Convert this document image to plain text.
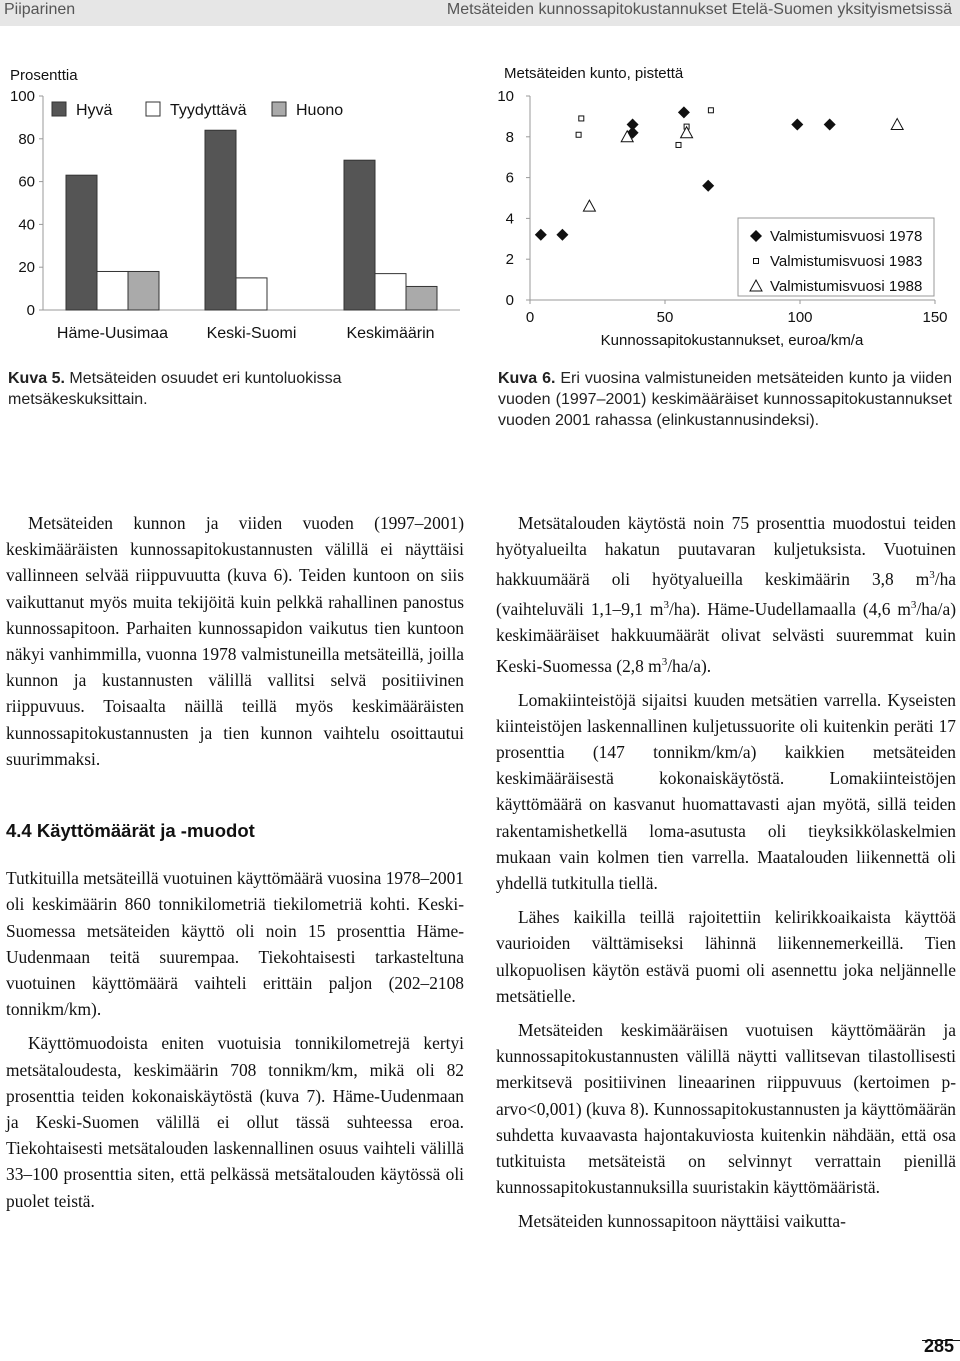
Piiparinen	Metsäteiden kunnossapitokustannukset Etelä-Suomen yksityismetsissä
Prosenttia
0
20
40
60
80
100
Hyvä	Tyydyttävä	Huono
Häme-Uusimaa Keski-Suomi	Keskimäärin
Kuva 5. Metsäteiden osuudet eri kuntoluokissa metsäkeskuksittain.
Metsäteiden kunto, pistettä
0
2
4
6
8
10
0	50	100	150
Kunnossapitokustannukset, euroa/km/a
Valmistumisvuosi 1978
Valmistumisvuosi 1983
Valmistumisvuosi 1988
Kuva 6. Eri vuosina valmistuneiden metsäteiden kunto ja viiden vuoden (1997–2001) keskimääräiset kunnossapitokustannukset vuoden 2001 rahassa (elinkustannusindeksi).

Metsäteiden kunnon ja viiden vuoden (1997–2001) keskimääräisten kunnossapitokustannusten välillä ei näyttäisi vallinneen selvää riippuvuutta (kuva 6). Teiden kuntoon on siis vaikuttanut myös muita tekijöitä kuin pelkkä rahallinen panostus kunnossapitoon. Parhaiten kunnossapidon vaikutus tien kuntoon näkyi vanhimmilla, vuonna 1978 valmistuneilla metsäteillä, joilla kunnon ja kustannusten välillä vallitsi selvä positiivinen riippuvuus. Toisaalta näillä teillä myös keskimääräisten kunnossapitokustannusten ja tien kunnon vaihtelu osoittautui suurimmaksi.

4.4 Käyttömäärät ja -muodot

Tutkituilla metsäteillä vuotuinen käyttömäärä vuosina 1978–2001 oli keskimäärin 860 tonnikilometriä tiekilometriä kohti. Keski-Suomessa metsäteiden käyttö oli noin 15 prosenttia Häme-Uudenmaan teitä suurempaa. Tiekohtaisesti tarkasteltuna vuotuinen käyttömäärä vaihteli erittäin paljon (202–2108 tonnikm/km).

Käyttömuodoista eniten vuotuisia tonnikilometrejä kertyi metsätaloudesta, keskimäärin 708 tonnikm/km, mikä oli 82 prosenttia teiden kokonaiskäytöstä (kuva 7). Häme-Uudenmaan ja Keski-Suomen välillä ei ollut tässä suhteessa eroa. Tiekohtaisesti metsätalouden laskennallinen osuus vaihteli välillä 33–100 prosenttia siten, että pelkässä metsätalouden käytössä oli puolet teistä.

Metsätalouden käytöstä noin 75 prosenttia muodostui teiden hyötyalueilta hakatun puutavaran kuljetuksista. Vuotuinen hakkuumäärä oli hyötyalueilla keskimäärin 3,8 $m^3/ha$ (vaihteluväli 1,1–9,1 $m^3/ha$). Häme-Uudellamaalla (4,6 $m^3/ha/a$) keskimääräiset hakkuumäärät olivat selvästi suuremmat kuin Keski-Suomessa (2,8 $m^3/ha/a$).

Lomakiinteistöjä sijaitsi kuuden metsätien varrella. Kyseisten kiinteistöjen laskennallinen kuljetussuorite oli kuitenkin peräti 17 prosenttia (147 tonnikm/km/a) kaikkien metsäteiden keskimääräisestä kokonaiskäytöstä. Lomakiinteistöjen käyttömäärä on kasvanut huomattavasti ajan myötä, sillä teiden rakentamishetkellä loma-asutusta oli tieyksikkölaskelmien mukaan vain kolmen tien varrella. Maatalouden liikennettä oli yhdellä tutkitulla tiellä.

Lähes kaikilla teillä rajoitettiin kelirikkoaikaista käyttöä vaurioiden välttämiseksi lähinnä liikennemerkeillä. Tien ulkopuolisen käytön estävä puomi oli asennettu joka neljännelle metsätielle.

Metsäteiden keskimääräisen vuotuisen käyttömäärän ja kunnossapitokustannusten välillä näytti vallitsevan tilastollisesti merkitsevä positiivinen lineaarinen riippuvuus (kertoimen p-arvo<0,001) (kuva 8). Kunnossapitokustannusten ja käyttömäärän suhdetta kuvaavasta hajontakuviosta kuitenkin nähdään, että osa tutkituista metsäteistä on selvinnyt verrattain pienillä kunnossapitokustannuksilla suuristakin käyttömääristä.

Metsäteiden kunnossapitoon näyttäisi vaikutta-

285
